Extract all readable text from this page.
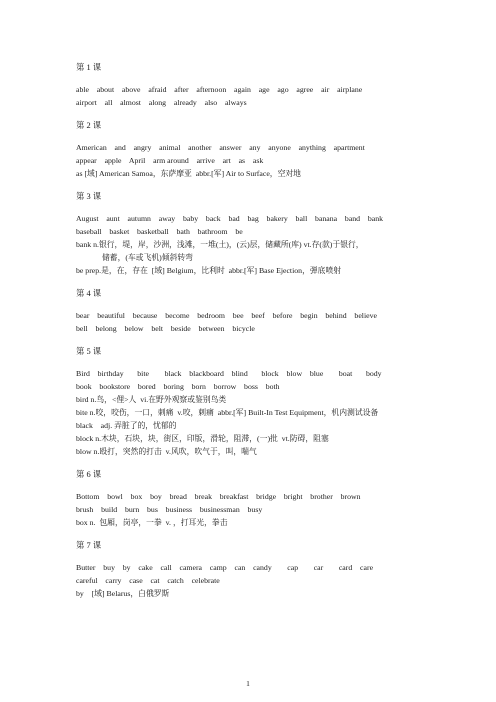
第 1 课
able    about    above    afraid    after    afternoon    again    age    ago    agree    air    airplane
airport    all    almost    along    already    also    always
第 2 课
American    and    angry    animal    another    answer    any    anyone    anything    apartment
appear    apple    April    arm around    arrive    art    as    ask
as [域] American Samoa，东萨摩亚  abbr.[军] Air to Surface，空对地
第 3 课
August    aunt    autumn    away    baby    back    bad    bag    bakery    ball    banana    band    bank
baseball    basket    basketball    bath    bathroom    be
bank n.银行，堤，岸，沙洲，浅滩，一堆(土)，(云)层，储藏所(库) vt.存(款)于银行，
储蓄，(车或飞机)倾斜转弯
be prep.是，在，存在  [域] Belgium，比利时  abbr.[军] Base Ejection，弹底喷射
第 4 课
bear    beautiful    because    become    bedroom    bee    beef    before    begin    behind    believe
bell    belong    below    belt    beside    between    bicycle
第 5 课
Bird    birthday       bite        black    blackboard    blind       block    blow    blue        boat       body
book    bookstore    bored    boring    born    borrow    boss    both
bird n.鸟，<俚>人  vi.在野外观察或鉴别鸟类
bite n.咬，咬伤，一口，刺痛  v.咬，刺痛  abbr.[军] Built-In Test Equipment，机内测试设备
black    adj. 弄脏了的，忧郁的
block n.木块，石块，块，街区，印版，滑轮，阻滞，(一)批  vt.防碍，阻塞
blow n.殴打，突然的打击  v.风吹，吹气于，叫，喘气
第 6 课
Bottom    bowl    box    boy    bread    break    breakfast    bridge    bright    brother    brown
brush    build    burn    bus    business    businessman    busy
box n.  包厢，岗亭，一拳  v. ，打耳光，拳击
第 7 课
Butter    buy    by    cake    call    camera    camp    can    candy        cap        car        card    care
careful    carry    case    cat    catch    celebrate
by    [域] Belarus，白俄罗斯
1
